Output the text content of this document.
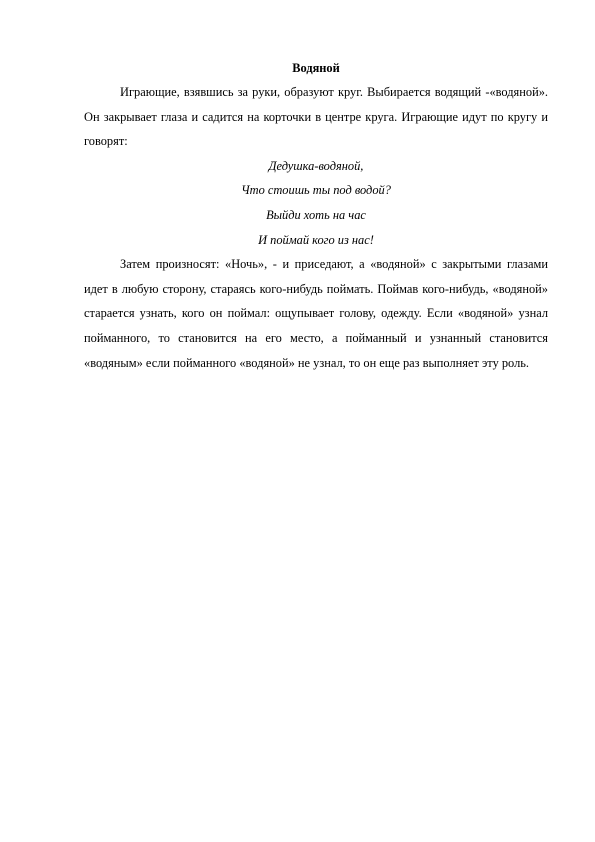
Водяной

Играющие, взявшись за руки, образуют круг. Выбирается водящий -«водяной». Он закрывает глаза и садится на корточки в центре круга. Играющие идут по кругу и говорят:

Дедушка-водяной,

Что стоишь ты под водой?

Выйди хоть на час

И поймай кого из нас!

Затем произносят: «Ночь», - и приседают, а «водяной» с закрытыми глазами идет в любую сторону, стараясь кого-нибудь поймать. Поймав кого-нибудь, «водяной» старается узнать, кого он поймал: ощупывает голову, одежду. Если «водяной» узнал пойманного, то становится на его место, а пойманный и узнанный становится «водяным» если пойманного «водяной» не узнал, то он еще раз выполняет эту роль.
